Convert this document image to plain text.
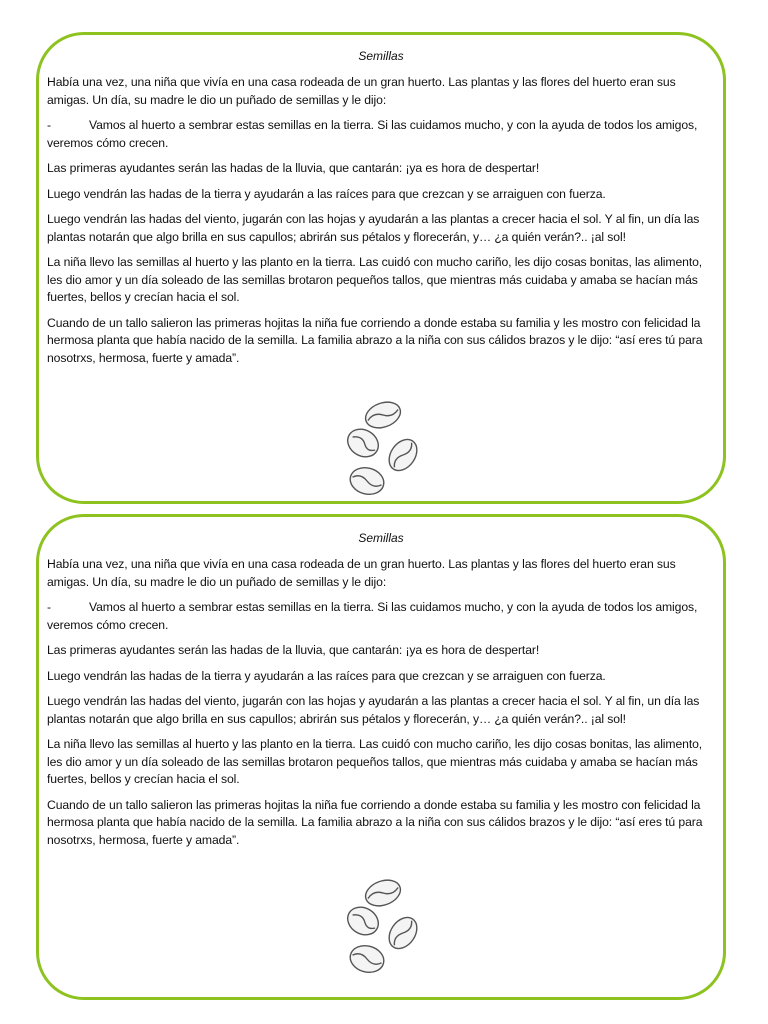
Semillas

Había una vez, una niña que vivía en una casa rodeada de un gran huerto. Las plantas y las flores del huerto eran sus amigas. Un día, su madre le dio un puñado de semillas y le dijo:

-	Vamos al huerto a sembrar estas semillas en la tierra. Si las cuidamos mucho, y con la ayuda de todos los amigos, veremos cómo crecen.

Las primeras ayudantes serán las hadas de la lluvia, que cantarán: ¡ya es hora de despertar!

Luego vendrán las hadas de la tierra y ayudarán a las raíces para que crezcan y se arraiguen con fuerza.

Luego vendrán las hadas del viento, jugarán con las hojas y ayudarán a las plantas a crecer hacia el sol. Y al fin, un día las plantas notarán que algo brilla en sus capullos; abrirán sus pétalos y florecerán, y… ¿a quién verán?.. ¡al sol!

La niña llevo las semillas al huerto y las planto en la tierra. Las cuidó con mucho cariño, les dijo cosas bonitas, las alimento, les dio amor y un día soleado de las semillas brotaron pequeños tallos, que mientras más cuidaba y amaba se hacían más fuertes, bellos y crecían hacia el sol.

Cuando de un tallo salieron las primeras hojitas la niña fue corriendo a donde estaba su familia y les mostro con felicidad la hermosa planta que había nacido de la semilla. La familia abrazo a la niña con sus cálidos brazos y le dijo: “así eres tú para nosotrxs, hermosa, fuerte y amada”.

Semillas

Había una vez, una niña que vivía en una casa rodeada de un gran huerto. Las plantas y las flores del huerto eran sus amigas. Un día, su madre le dio un puñado de semillas y le dijo:

-	Vamos al huerto a sembrar estas semillas en la tierra. Si las cuidamos mucho, y con la ayuda de todos los amigos, veremos cómo crecen.

Las primeras ayudantes serán las hadas de la lluvia, que cantarán: ¡ya es hora de despertar!

Luego vendrán las hadas de la tierra y ayudarán a las raíces para que crezcan y se arraiguen con fuerza.

Luego vendrán las hadas del viento, jugarán con las hojas y ayudarán a las plantas a crecer hacia el sol. Y al fin, un día las plantas notarán que algo brilla en sus capullos; abrirán sus pétalos y florecerán, y… ¿a quién verán?.. ¡al sol!

La niña llevo las semillas al huerto y las planto en la tierra. Las cuidó con mucho cariño, les dijo cosas bonitas, las alimento, les dio amor y un día soleado de las semillas brotaron pequeños tallos, que mientras más cuidaba y amaba se hacían más fuertes, bellos y crecían hacia el sol.

Cuando de un tallo salieron las primeras hojitas la niña fue corriendo a donde estaba su familia y les mostro con felicidad la hermosa planta que había nacido de la semilla. La familia abrazo a la niña con sus cálidos brazos y le dijo: “así eres tú para nosotrxs, hermosa, fuerte y amada”.
